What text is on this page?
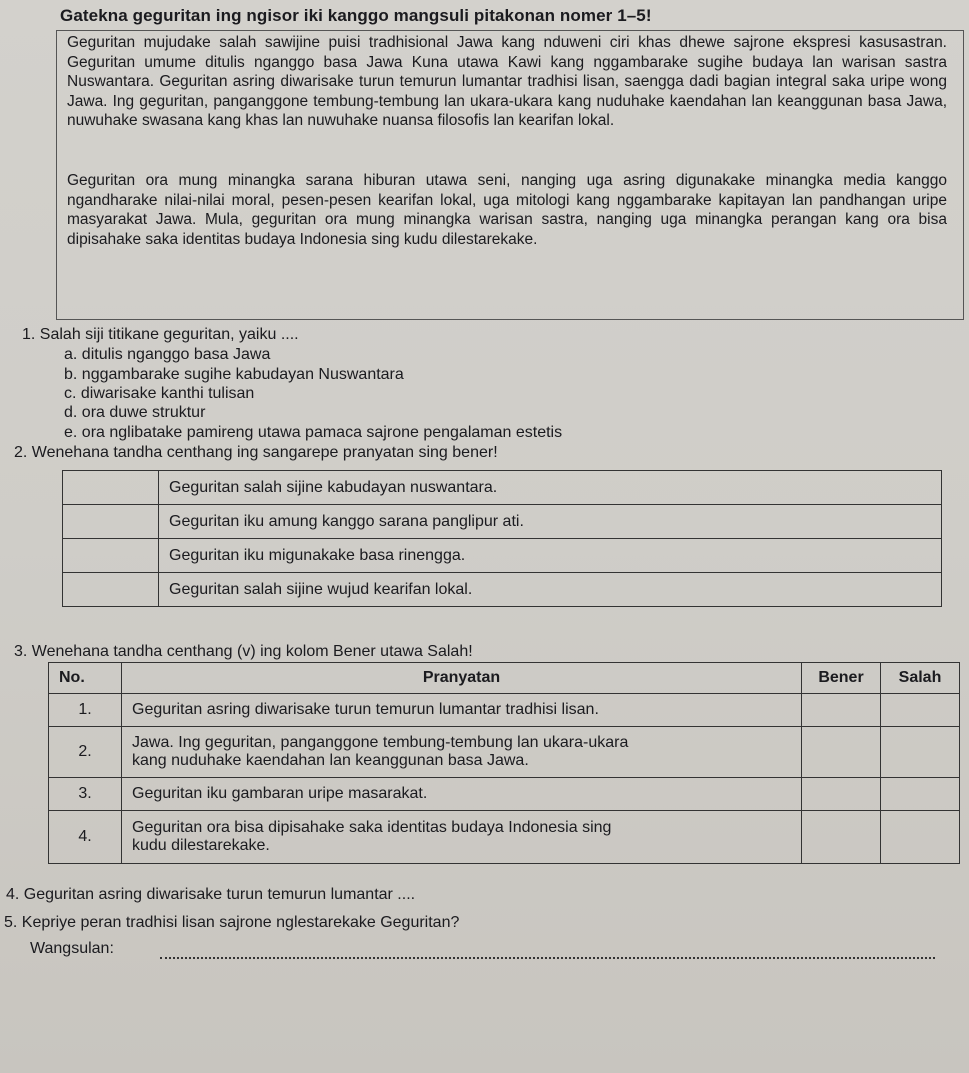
Gatekna geguritan ing ngisor iki kanggo mangsuli pitakonan nomer 1–5!

Geguritan mujudake salah sawijine puisi tradhisional Jawa kang nduweni ciri khas dhewe sajrone ekspresi kasusastran. Geguritan umume ditulis nganggo basa Jawa Kuna utawa Kawi kang nggambarake sugihe budaya lan warisan sastra Nuswantara. Geguritan asring diwarisake turun temurun lumantar tradhisi lisan, saengga dadi bagian integral saka uripe wong Jawa. Ing geguritan, panganggone tembung-tembung lan ukara-ukara kang nuduhake kaendahan lan keanggunan basa Jawa, nuwuhake swasana kang khas lan nuwuhake nuansa filosofis lan kearifan lokal.

Geguritan ora mung minangka sarana hiburan utawa seni, nanging uga asring digunakake minangka media kanggo ngandharake nilai-nilai moral, pesen-pesen kearifan lokal, uga mitologi kang nggambarake kapitayan lan pandhangan uripe masyarakat Jawa. Mula, geguritan ora mung minangka warisan sastra, nanging uga minangka perangan kang ora bisa dipisahake saka identitas budaya Indonesia sing kudu dilestarekake.

1. Salah siji titikane geguritan, yaiku ....
a. ditulis nganggo basa Jawa
b. nggambarake sugihe kabudayan Nuswantara
c. diwarisake kanthi tulisan
d. ora duwe struktur
e. ora nglibatake pamireng utawa pamaca sajrone pengalaman estetis
2. Wenehana tandha centhang ing sangarepe pranyatan sing bener!
	Geguritan salah sijine kabudayan nuswantara.
	Geguritan iku amung kanggo sarana panglipur ati.
	Geguritan iku migunakake basa rinengga.
	Geguritan salah sijine wujud kearifan lokal.
3. Wenehana tandha centhang (v) ing kolom Bener utawa Salah!
No.	Pranyatan	Bener	Salah
1.	Geguritan asring diwarisake turun temurun lumantar tradhisi lisan.		
2.	Jawa. Ing geguritan, panganggone tembung-tembung lan ukara-ukara
kang nuduhake kaendahan lan keanggunan basa Jawa.		

3.	Geguritan iku gambaran uripe masarakat.		
4.	Geguritan ora bisa dipisahake saka identitas budaya Indonesia sing
kudu dilestarekake.		

4. Geguritan asring diwarisake turun temurun lumantar ....
5. Kepriye peran tradhisi lisan sajrone nglestarekake Geguritan?
Wangsulan:
